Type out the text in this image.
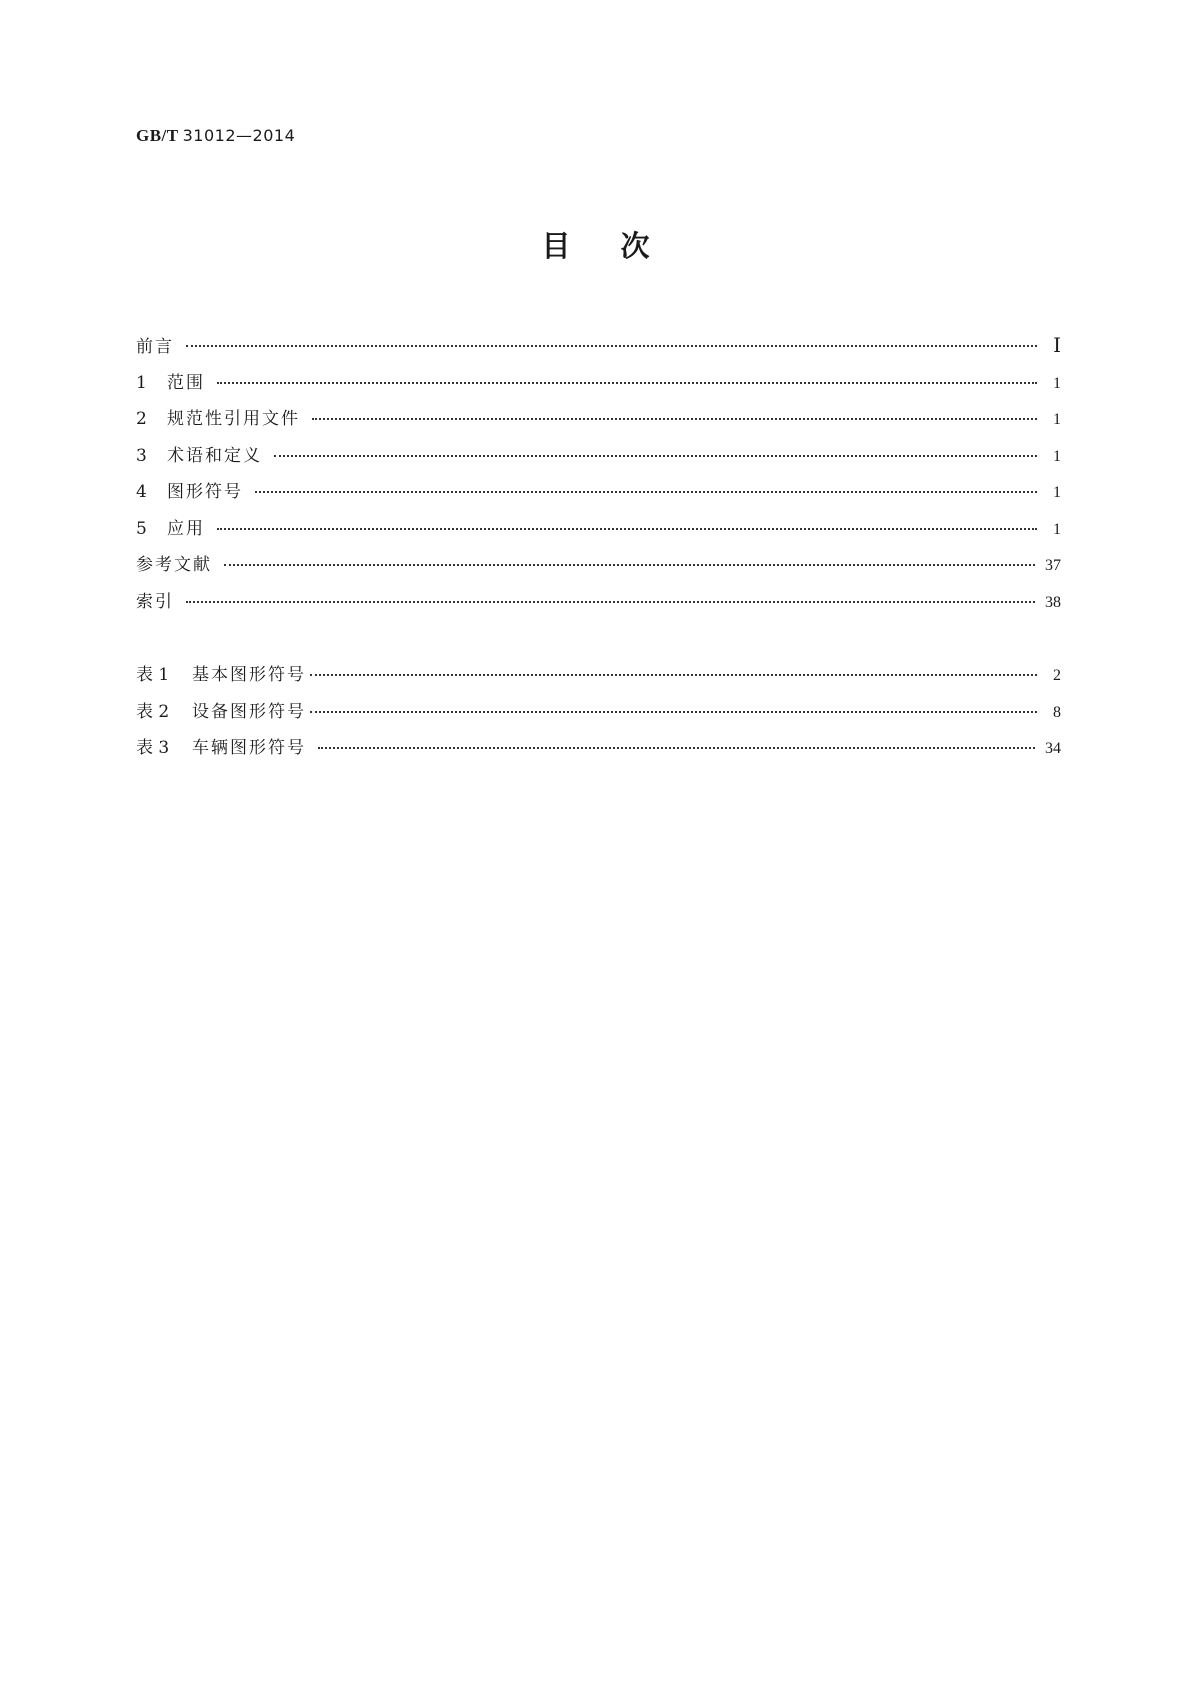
GB/T 31012—2014
目次
前言	Ⅰ
1	范围	1
2	规范性引用文件	1
3	术语和定义	1
4	图形符号	1
5	应用	1
参考文献	37
索引	38
表 1	基本图形符号	2
表 2	设备图形符号	8
表 3	车辆图形符号	34
